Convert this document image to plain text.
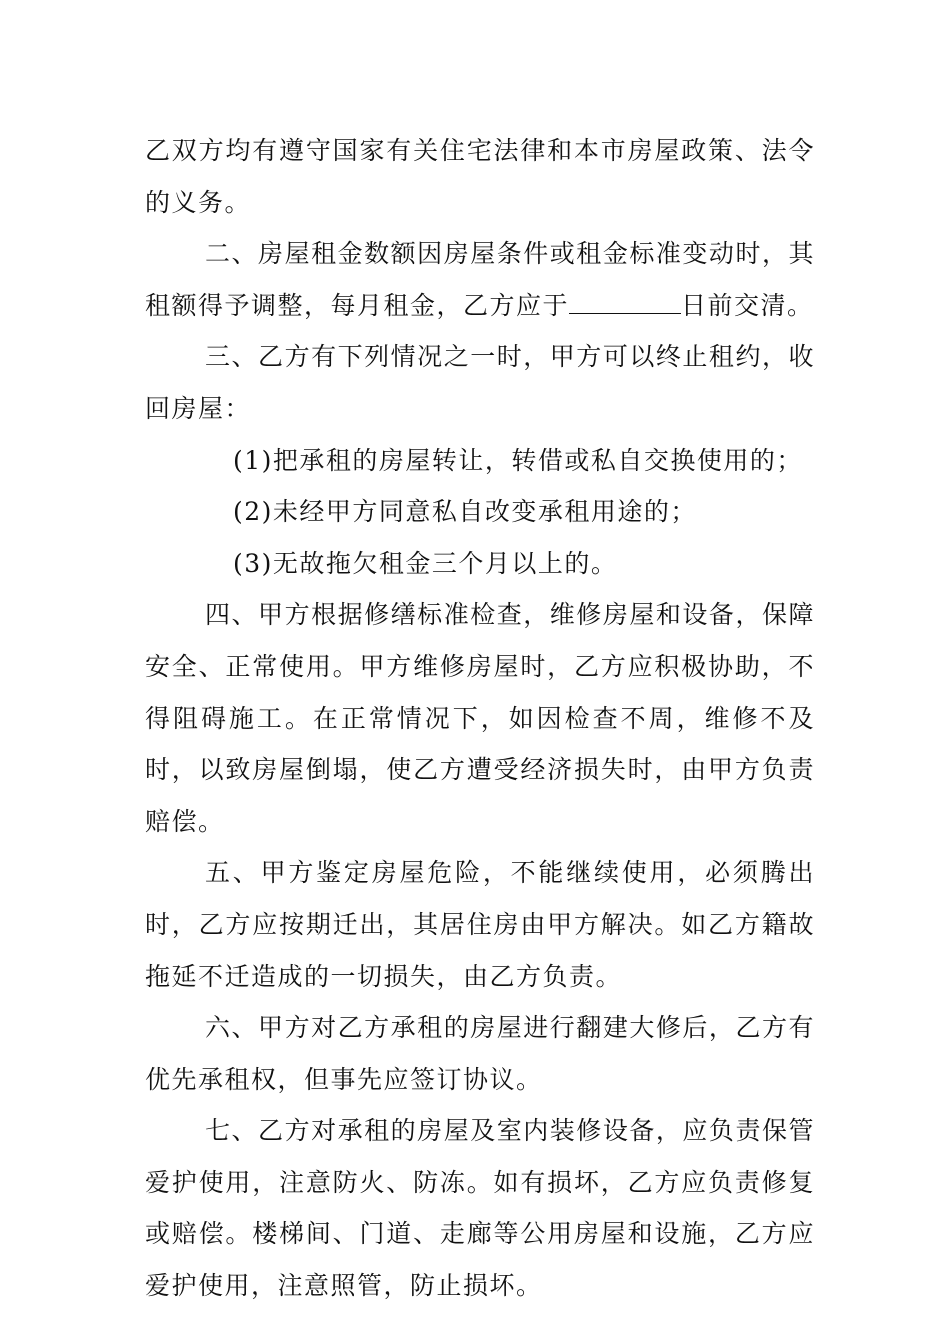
乙双方均有遵守国家有关住宅法律和本市房屋政策、法令的义务。

二、房屋租金数额因房屋条件或租金标准变动时，其租额得予调整，每月租金，乙方应于	日前交清。

三、乙方有下列情况之一时，甲方可以终止租约，收回房屋：

(1)把承租的房屋转让，转借或私自交换使用的；

(2)未经甲方同意私自改变承租用途的；

(3)无故拖欠租金三个月以上的。

四、甲方根据修缮标准检查，维修房屋和设备，保障安全、正常使用。甲方维修房屋时，乙方应积极协助，不得阻碍施工。在正常情况下，如因检查不周，维修不及时，以致房屋倒塌，使乙方遭受经济损失时，由甲方负责赔偿。

五、甲方鉴定房屋危险，不能继续使用，必须腾出时，乙方应按期迁出，其居住房由甲方解决。如乙方籍故拖延不迁造成的一切损失，由乙方负责。

六、甲方对乙方承租的房屋进行翻建大修后，乙方有优先承租权，但事先应签订协议。

七、乙方对承租的房屋及室内装修设备，应负责保管爱护使用，注意防火、防冻。如有损坏，乙方应负责修复或赔偿。楼梯间、门道、走廊等公用房屋和设施，乙方应爱护使用，注意照管，防止损坏。
